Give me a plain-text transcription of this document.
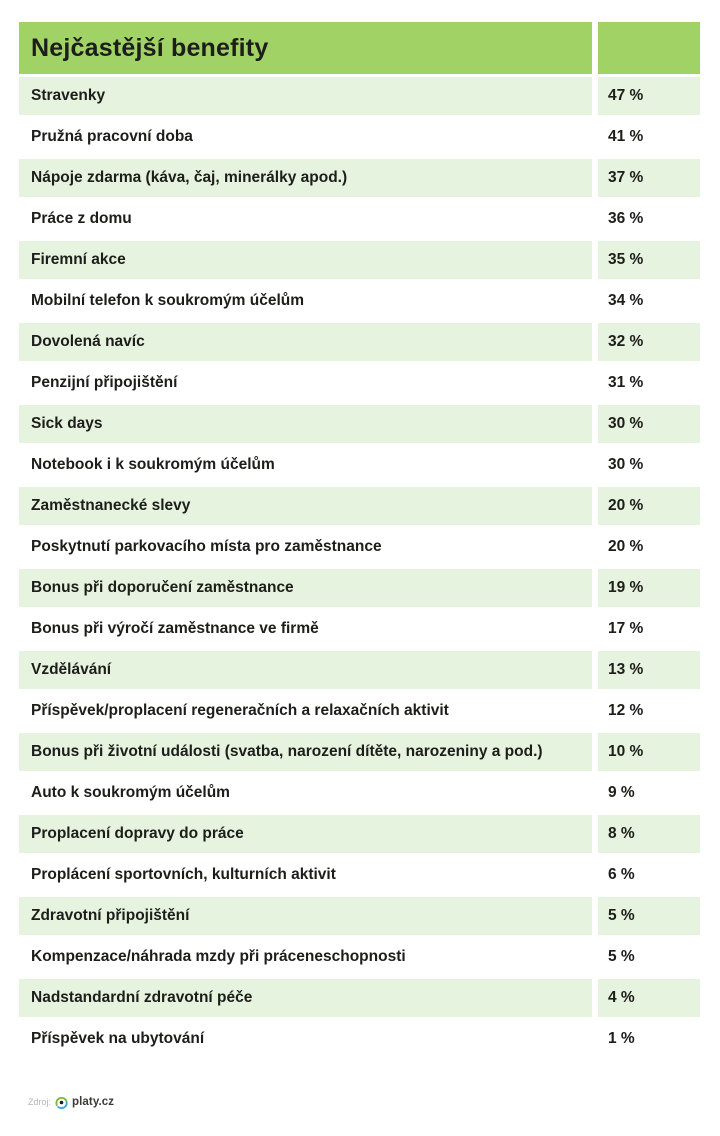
Nejčastější benefity
Stravenky	47 %
Pružná pracovní doba	41 %
Nápoje zdarma (káva, čaj, minerálky apod.)	37 %
Práce z domu	36 %
Firemní akce	35 %
Mobilní telefon k soukromým účelům	34 %
Dovolená navíc	32 %
Penzijní připojištění	31 %
Sick days	30 %
Notebook i k soukromým účelům	30 %
Zaměstnanecké slevy	20 %
Poskytnutí parkovacího místa pro zaměstnance	20 %
Bonus při doporučení zaměstnance	19 %
Bonus při výročí zaměstnance ve firmě	17 %
Vzdělávání	13 %
Příspěvek/proplacení regeneračních a relaxačních aktivit	12 %
Bonus při životní události (svatba, narození dítěte, narozeniny a pod.)	10 %
Auto k soukromým účelům	9 %
Proplacení dopravy do práce	8 %
Proplácení sportovních, kulturních aktivit	6 %
Zdravotní připojištění	5 %
Kompenzace/náhrada mzdy při práceneschopnosti	5 %
Nadstandardní zdravotní péče	4 %
Příspěvek na ubytování	1 %
Zdroj: platy.cz
